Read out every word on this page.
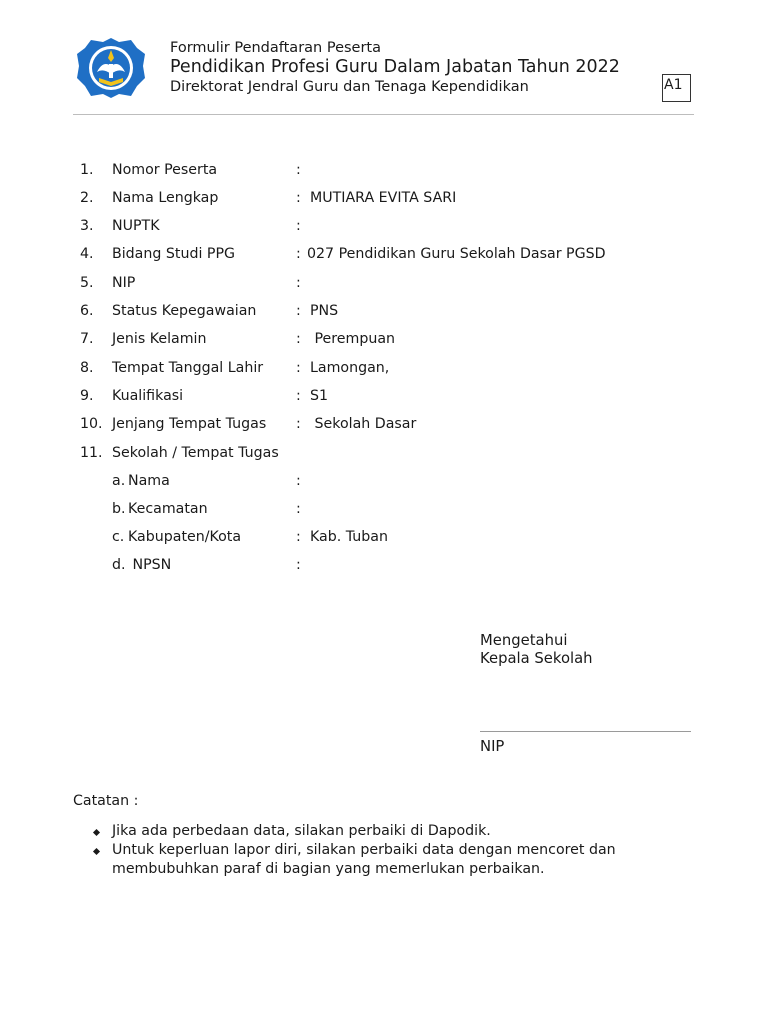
Formulir Pendaftaran Peserta
Pendidikan Profesi Guru Dalam Jabatan Tahun 2022
Direktorat Jendral Guru dan Tenaga Kependidikan	A1
1. Nomor Peserta	:
2. Nama Lengkap	: MUTIARA EVITA SARI
3. NUPTK	:
4. Bidang Studi PPG	: 027 Pendidikan Guru Sekolah Dasar PGSD
5. NIP	:
6. Status Kepegawaian	: PNS
7. Jenis Kelamin	: Perempuan
8. Tempat Tanggal Lahir : Lamongan,
9. Kualifikasi	: S1
10. Jenjang Tempat Tugas : Sekolah Dasar
11. Sekolah / Tempat Tugas
a. Nama	:
b. Kecamatan	:
c. Kabupaten/Kota	: Kab. Tuban
d. NPSN	:
Mengetahui
Kepala Sekolah
NIP
Catatan :
Jika ada perbedaan data, silakan perbaiki di Dapodik.
Untuk keperluan lapor diri, silakan perbaiki data dengan mencoret dan membubuhkan paraf di bagian yang memerlukan perbaikan.
